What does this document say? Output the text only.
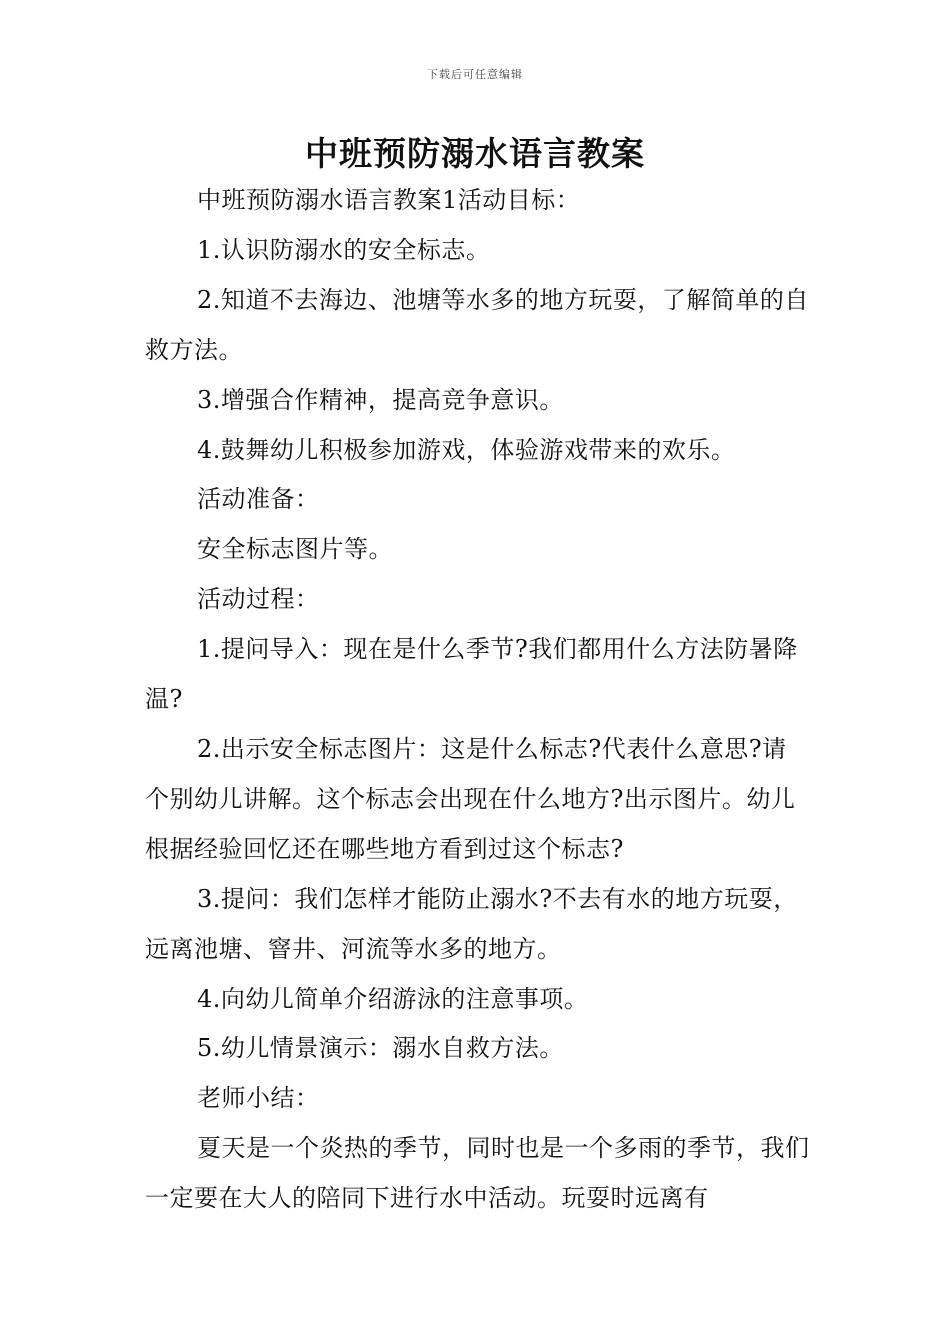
下载后可任意编辑
中班预防溺水语言教案

中班预防溺水语言教案1活动目标：

1.认识防溺水的安全标志。

2.知道不去海边、池塘等水多的地方玩耍，了解简单的自救方法。

3.增强合作精神，提高竞争意识。

4.鼓舞幼儿积极参加游戏，体验游戏带来的欢乐。

活动准备：

安全标志图片等。

活动过程：

1.提问导入：现在是什么季节?我们都用什么方法防暑降温?

2.出示安全标志图片：这是什么标志?代表什么意思?请个别幼儿讲解。这个标志会出现在什么地方?出示图片。幼儿根据经验回忆还在哪些地方看到过这个标志?

3.提问：我们怎样才能防止溺水?不去有水的地方玩耍，远离池塘、窨井、河流等水多的地方。

4.向幼儿简单介绍游泳的注意事项。

5.幼儿情景演示：溺水自救方法。

老师小结：

夏天是一个炎热的季节，同时也是一个多雨的季节，我们一定要在大人的陪同下进行水中活动。玩耍时远离有
